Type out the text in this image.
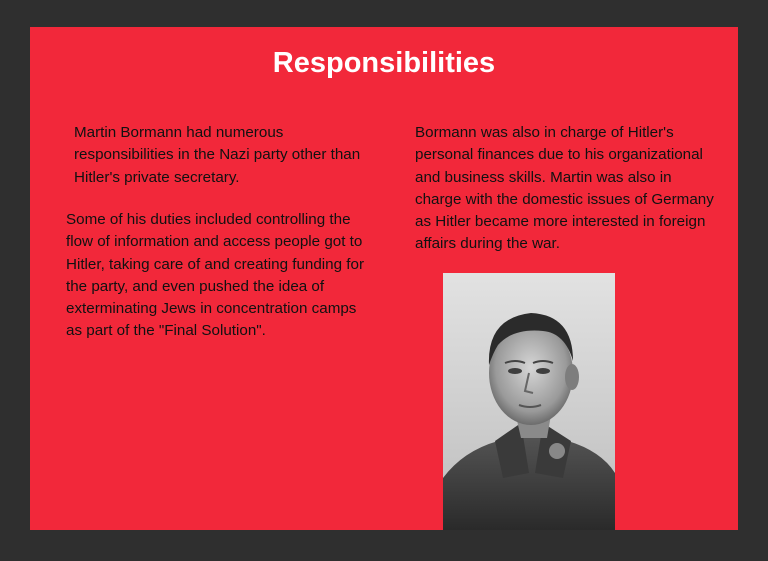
Responsibilities

Martin Bormann had numerous responsibilities in the Nazi party other than Hitler's private secretary.

Some of his duties included controlling the flow of information and access people got to Hitler, taking care of and creating funding for the party, and even pushed the idea of exterminating Jews in concentration camps as part of the "Final Solution".

Bormann was also in charge of Hitler's personal finances due to his organizational and business skills. Martin was also in charge with the domestic issues of Germany as Hitler became more interested in foreign affairs during the war.
